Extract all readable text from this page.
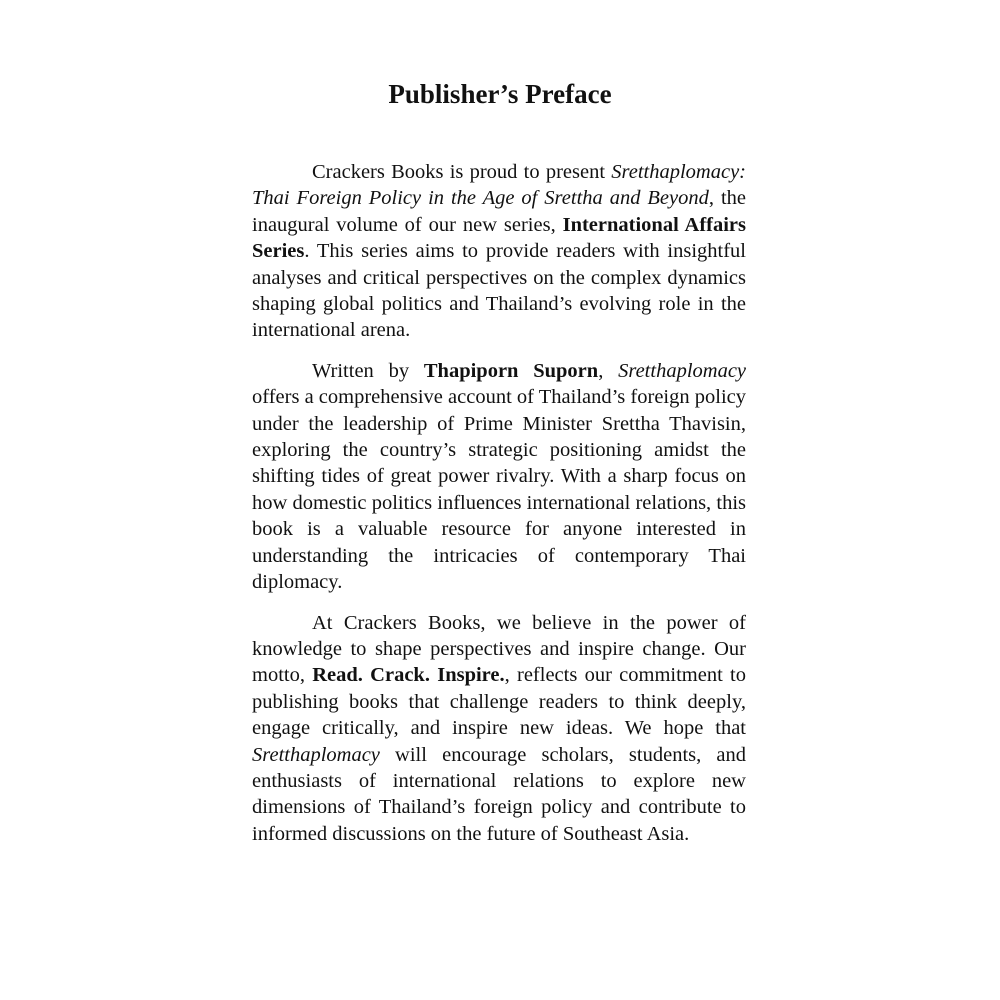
Publisher’s Preface

Crackers Books is proud to present Sretthaplomacy: Thai Foreign Policy in the Age of Srettha and Beyond, the inaugural volume of our new series, International Affairs Series. This series aims to provide readers with insightful analyses and critical perspectives on the complex dynamics shaping global politics and Thailand’s evolving role in the international arena.

Written by Thapiporn Suporn, Sretthaplomacy offers a comprehensive account of Thailand’s foreign policy under the leadership of Prime Minister Srettha Thavisin, exploring the country’s strategic positioning amidst the shifting tides of great power rivalry. With a sharp focus on how domestic politics influences international relations, this book is a valuable resource for anyone interested in understanding the intricacies of contemporary Thai diplomacy.

At Crackers Books, we believe in the power of knowledge to shape perspectives and inspire change. Our motto, Read. Crack. Inspire., reflects our commitment to publishing books that challenge readers to think deeply, engage critically, and inspire new ideas. We hope that Sretthaplomacy will encourage scholars, students, and enthusiasts of international relations to explore new dimensions of Thailand’s foreign policy and contribute to informed discussions on the future of Southeast Asia.
